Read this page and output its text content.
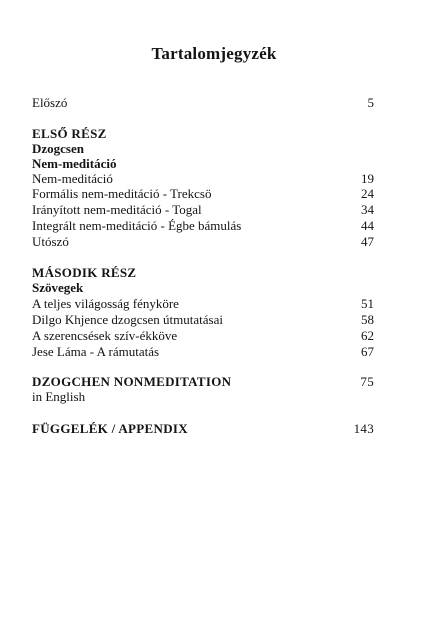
Tartalomjegyzék
Előszó	5
ELSŐ RÉSZ
Dzogcsen
Nem-meditáció
Nem-meditáció	19
Formális nem-meditáció - Trekcsö	24
Irányított nem-meditáció - Togal	34
Integrált nem-meditáció - Égbe bámulás	44
Utószó	47
MÁSODIK RÉSZ
Szövegek
A teljes világosság fényköre	51
Dilgo Khjence dzogcsen útmutatásai	58
A szerencsések szív-ékköve	62
Jese Láma - A rámutatás	67
DZOGCHEN NONMEDITATION	75
in English
FÜGGELÉK / APPENDIX	143
